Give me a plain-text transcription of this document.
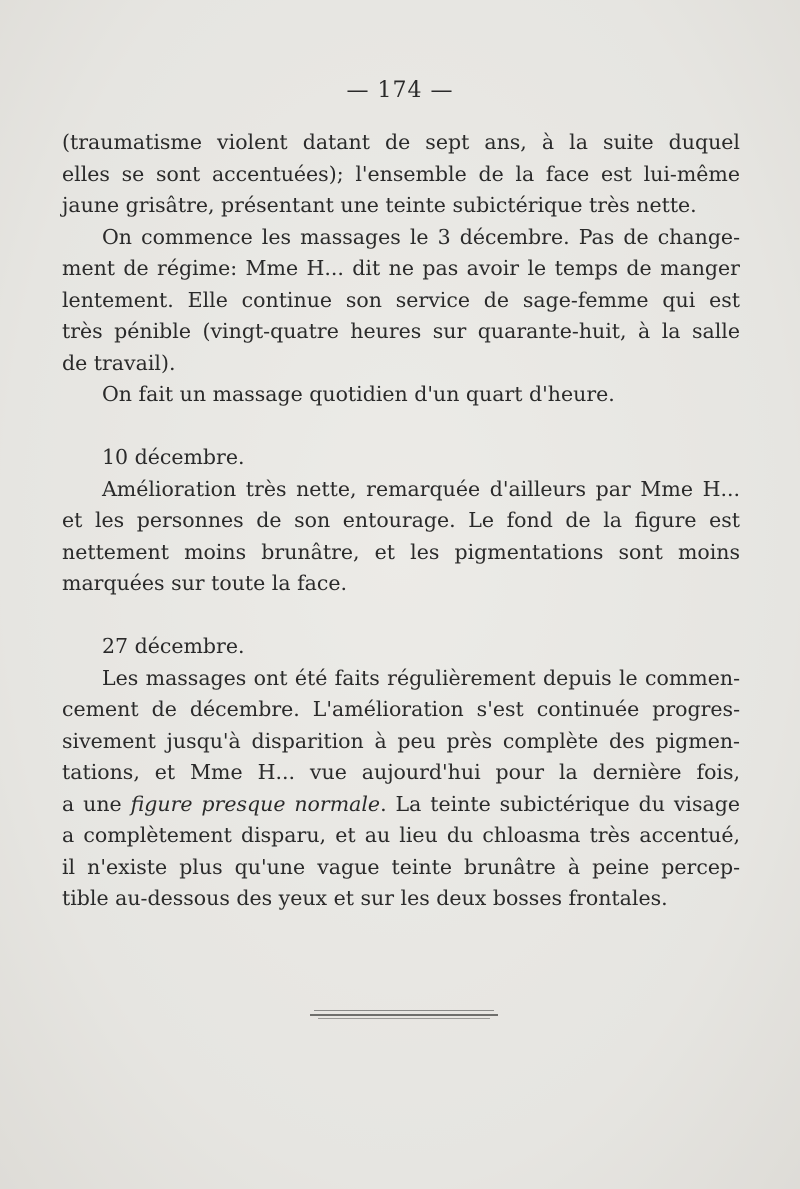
— 174 —
(traumatisme violent datant de sept ans, à la suite duquel
elles se sont accentuées); l'ensemble de la face est lui-même
jaune grisâtre, présentant une teinte subictérique très nette.
On commence les massages le 3 décembre. Pas de change-
ment de régime: Mme H... dit ne pas avoir le temps de manger
lentement. Elle continue son service de sage-femme qui est
très pénible (vingt-quatre heures sur quarante-huit, à la salle
de travail).
On fait un massage quotidien d'un quart d'heure.
10 décembre.
Amélioration très nette, remarquée d'ailleurs par Mme H...
et les personnes de son entourage. Le fond de la figure est
nettement moins brunâtre, et les pigmentations sont moins
marquées sur toute la face.
27 décembre.
Les massages ont été faits régulièrement depuis le commen-
cement de décembre. L'amélioration s'est continuée progres-
sivement jusqu'à disparition à peu près complète des pigmen-
tations, et Mme H... vue aujourd'hui pour la dernière fois,
a une figure presque normale. La teinte subictérique du visage
a complètement disparu, et au lieu du chloasma très accentué,
il n'existe plus qu'une vague teinte brunâtre à peine percep-
tible au-dessous des yeux et sur les deux bosses frontales.
